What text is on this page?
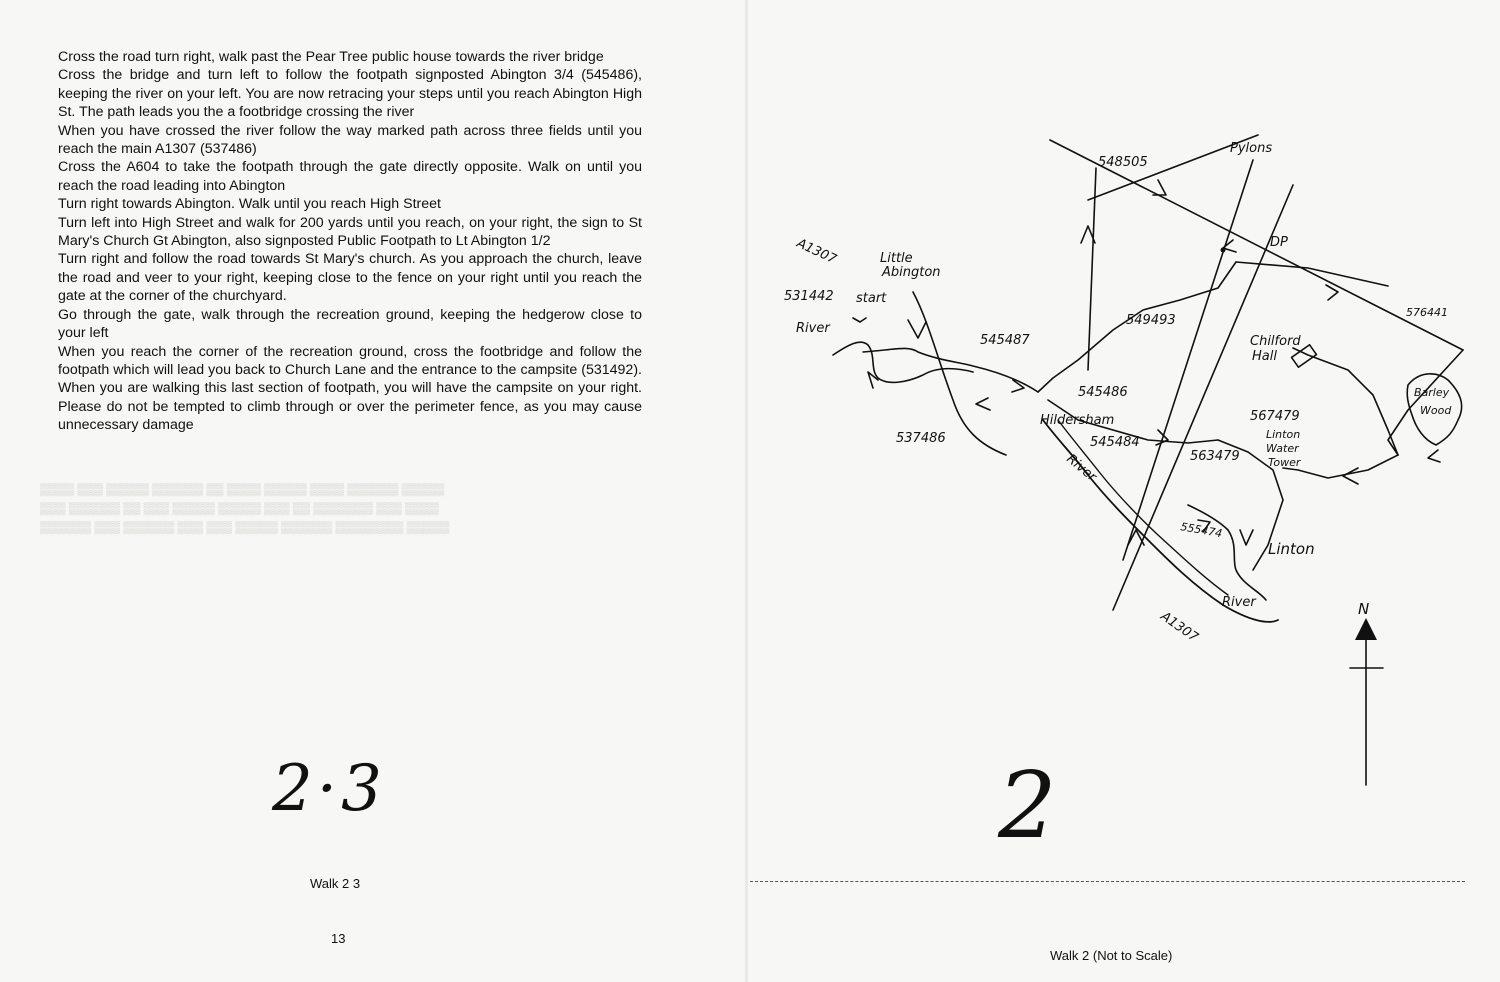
▒▒▒▒ ▒▒▒ ▒▒▒▒▒ ▒▒▒▒▒▒ ▒▒ ▒▒▒▒ ▒▒▒▒▒ ▒▒▒▒ ▒▒▒▒▒▒ ▒▒▒▒▒
▒▒▒ ▒▒▒▒▒▒ ▒▒ ▒▒▒ ▒▒▒▒▒ ▒▒▒▒▒ ▒▒▒ ▒▒ ▒▒▒▒▒▒▒ ▒▒▒ ▒▒▒▒
▒▒▒▒▒▒ ▒▒▒ ▒▒▒▒▒▒ ▒▒▒ ▒▒▒ ▒▒▒▒▒ ▒▒▒▒▒▒ ▒▒▒▒▒▒▒▒ ▒▒▒▒▒
Cross the road turn right, walk past the Pear Tree public house towards the river bridge
Cross the bridge and turn left to follow the footpath signposted Abington 3/4 (545486), keeping the river on your left. You are now retracing your steps until you reach Abington High St. The path leads you the a footbridge crossing the river
When you have crossed the river follow the way marked path across three fields until you reach the main A1307 (537486)
Cross the A604 to take the footpath through the gate directly opposite. Walk on until you reach the road leading into Abington
Turn right towards Abington. Walk until you reach High Street
Turn left into High Street and walk for 200 yards until you reach, on your right, the sign to St Mary's Church Gt Abington, also signposted Public Footpath to Lt Abington 1/2
Turn right and follow the road towards St Mary's church. As you approach the church, leave the road and veer to your right, keeping close to the fence on your right until you reach the gate at the corner of the churchyard.
Go through the gate, walk through the recreation ground, keeping the hedgerow close to your left
When you reach the corner of the recreation ground, cross the footbridge and follow the footpath which will lead you back to Church Lane and the entrance to the campsite (531492). When you are walking this last section of footpath, you will have the campsite on your right. Please do not be tempted to climb through or over the perimeter fence, as you may cause unnecessary damage
2·3
Walk 2 3
13
Pylons
548505
DP
A1307	Little
Abington
531442 start
River
545487
549493
545486
Hildersham
537486	545484
River
Chilford
Hall
576441
Barley
Wood
567479
Linton
Water
Tower
563479
555474
Linton
River
A1307	N
2
Walk 2 (Not to Scale)
